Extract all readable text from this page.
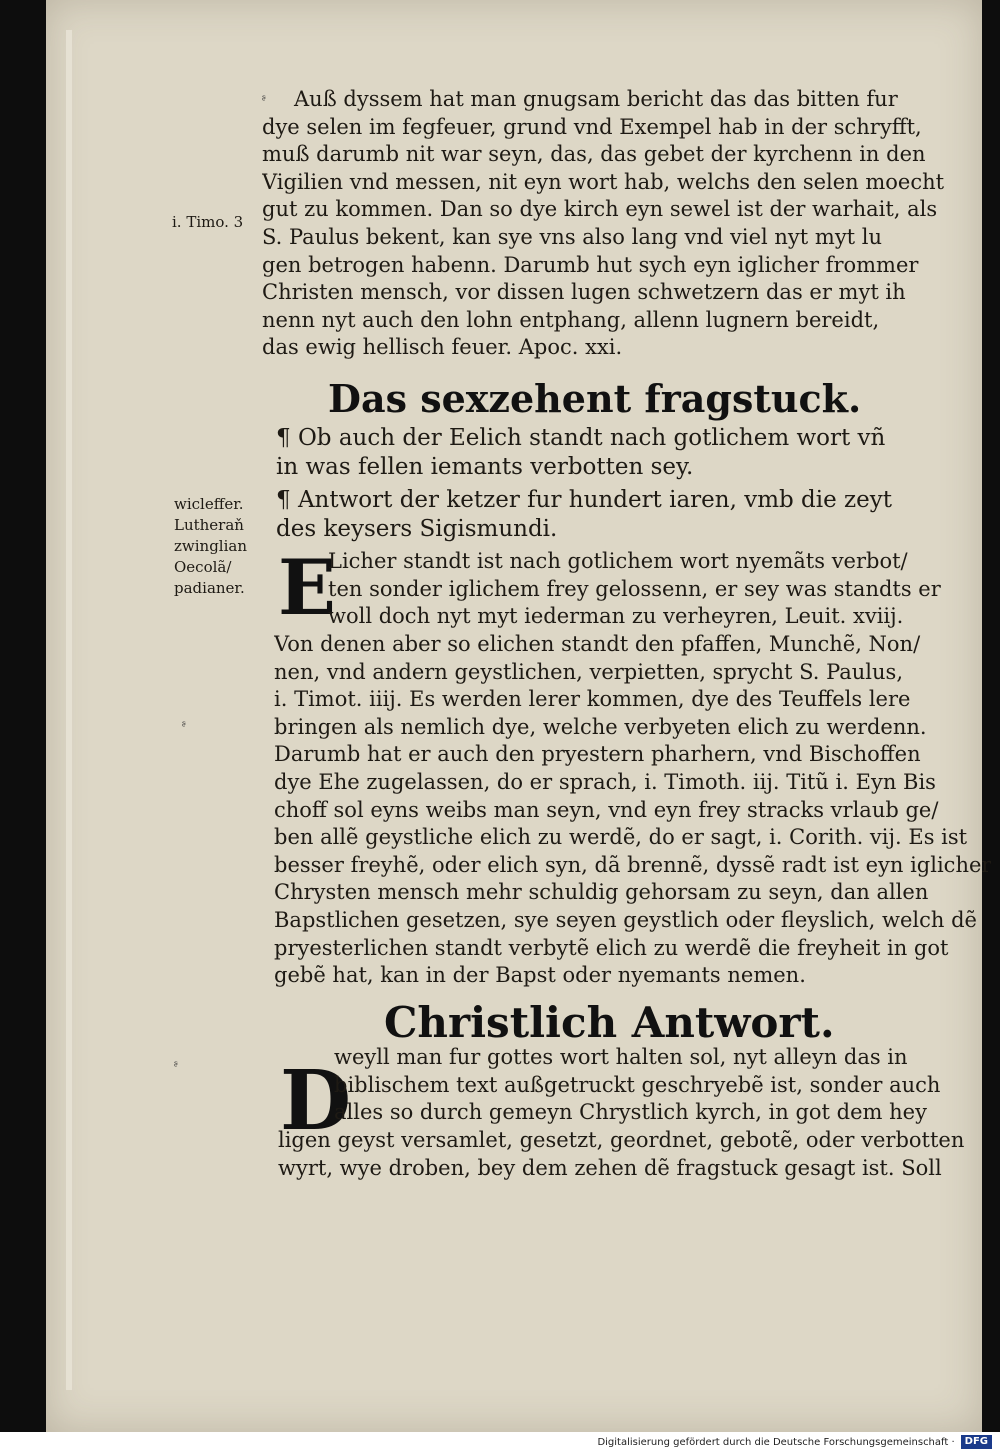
Auß dyssem hat man gnugsam bericht das das bitten fur
dye selen im fegfeuer, grund vnd Exempel hab in der schryfft,
muß darumb nit war seyn, das, das gebet der kyrchenn in den
Vigilien vnd messen, nit eyn wort hab, welchs den selen moecht
gut zu kommen. Dan so dye kirch eyn sewel ist der warhait, als
S. Paulus bekent, kan sye vns also lang vnd viel nyt myt lu
gen betrogen habenn. Darumb hut sych eyn iglicher frommer
Christen mensch, vor dissen lugen schwetzern das er myt ih
nenn nyt auch den lohn entphang, allenn lugnern bereidt,
das ewig hellisch feuer. Apoc. xxi.
ᶳ
i. Timo. 3
Das sexzehent fragstuck.
¶ Ob auch der Eelich standt nach gotlichem wort vñ
in was fellen iemants verbotten sey.
¶ Antwort der ketzer fur hundert iaren, vmb die zeyt
des keysers Sigismundi.
wicleffer.
Lutheraň
zwinglian
Oecolã/
padianer. E
Licher standt ist nach gotlichem wort nyemãts verbot/
ten sonder iglichem frey gelossenn, er sey was standts er
woll doch nyt myt iederman zu verheyren, Leuit. xviij.
Von denen aber so elichen standt den pfaffen, Munchẽ, Non/
nen, vnd andern geystlichen, verpietten, sprycht S. Paulus,
i. Timot. iiij. Es werden lerer kommen, dye des Teuffels lere
bringen als nemlich dye, welche verbyeten elich zu werdenn.
Darumb hat er auch den pryestern pharhern, vnd Bischoffen
dye Ehe zugelassen, do er sprach, i. Timoth. iij. Titũ i. Eyn Bis
choff sol eyns weibs man seyn, vnd eyn frey stracks vrlaub ge/
ben allẽ geystliche elich zu werdẽ, do er sagt, i. Corith. vij. Es ist
besser freyhẽ, oder elich syn, dã brennẽ, dyssẽ radt ist eyn iglicher
Chrysten mensch mehr schuldig gehorsam zu seyn, dan allen
Bapstlichen gesetzen, sye seyen geystlich oder fleyslich, welch dẽ
pryesterlichen standt verbytẽ elich zu werdẽ die freyheit in got
gebẽ hat, kan in der Bapst oder nyemants nemen.
ᶳ
Christlich Antwort.
ᶳ D
weyll man fur gottes wort halten sol, nyt alleyn das in
biblischem text außgetruckt geschryebẽ ist, sonder auch
alles so durch gemeyn Chrystlich kyrch, in got dem hey
ligen geyst versamlet, gesetzt, geordnet, gebotẽ, oder verbotten
wyrt, wye droben, bey dem zehen dẽ fragstuck gesagt ist. Soll
Digitalisierung gefördert durch die Deutsche Forschungsgemeinschaft ·	DFG
